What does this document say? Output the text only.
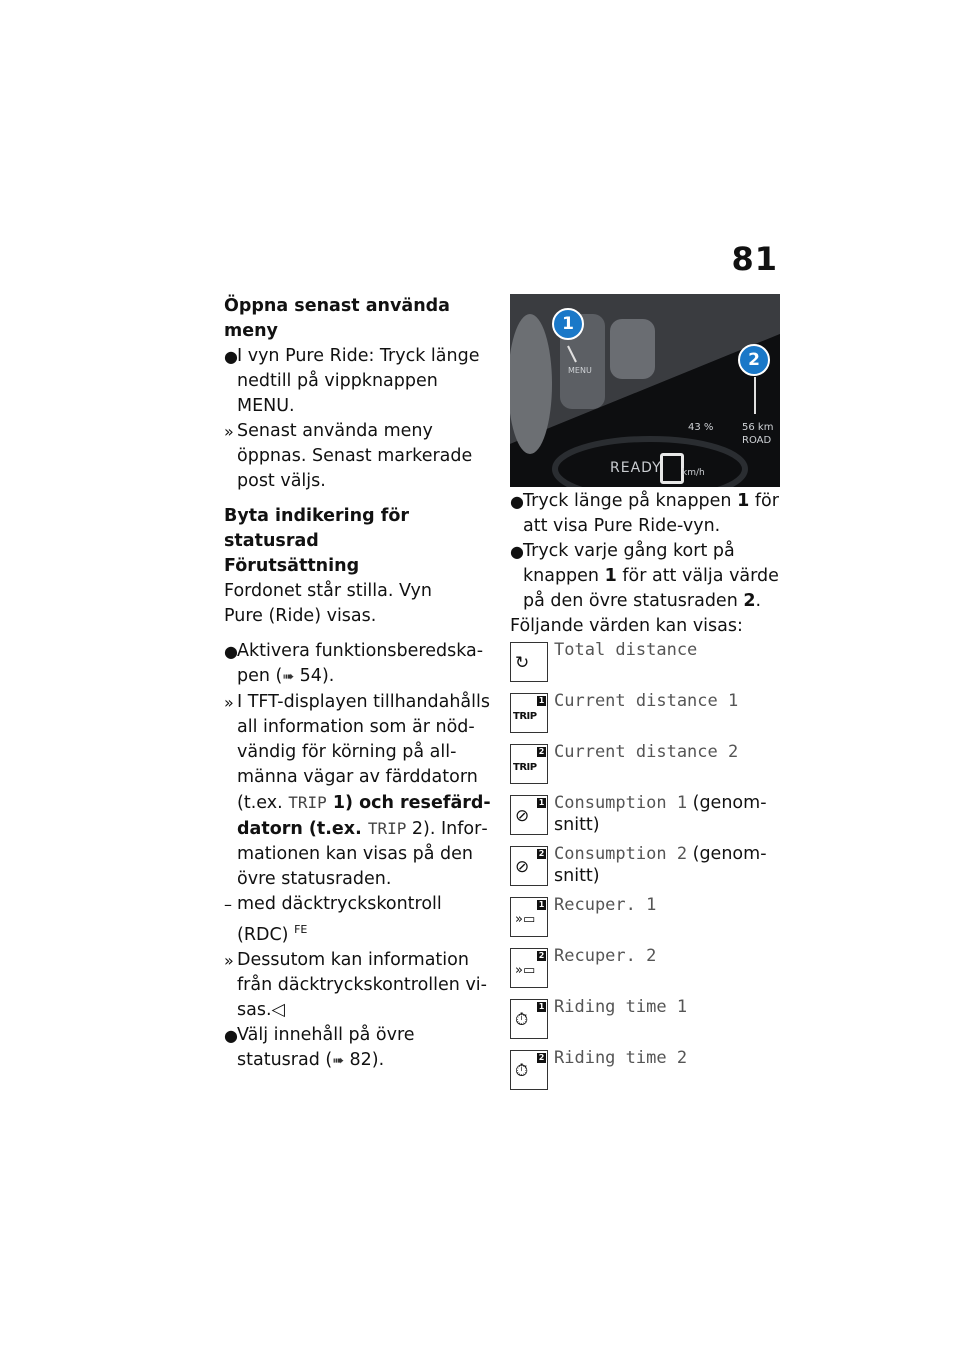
81

Öppna senast använda meny

● I vyn Pure Ride: Tryck länge nedtill på vippknappen MENU.
» Senast använda meny öppnas. Senast markerade post väljs.

Byta indikering för statusrad

Förutsättning

Fordonet står stilla. Vyn Pure (Ride) visas.

● Aktivera funktionsberedskapen (➠ 54).
» I TFT-displayen tillhandahålls all information som är nödvändig för körning på allmänna vägar av färddatorn (t.ex. TRIP 1) och resefärddatorn (t.ex. TRIP 2). Informationen kan visas på den övre statusraden.
– med däcktryckskontroll (RDC) $^{FE}$
» Dessutom kan information från däcktryckskontrollen visas.◁
● Välj innehåll på övre statusrad (➠ 82).
1
2
MENU
43 %	56 km
ROAD
READY km/h
● Tryck länge på knappen 1 för att visa Pure Ride-vyn.
● Tryck varje gång kort på knappen 1 för att välja värde på den övre statusraden 2.

Följande värden kan visas:

↻
Total distance
TRIP
1 Current distance 1
TRIP
2 Current distance 2
⊘
1 Consumption 1 (genomsnitt)
⊘
2 Consumption 2 (genomsnitt)
»▭
1 Recuper. 1
»▭
2 Recuper. 2
⏱
1 Riding time 1
⏱
2 Riding time 2
